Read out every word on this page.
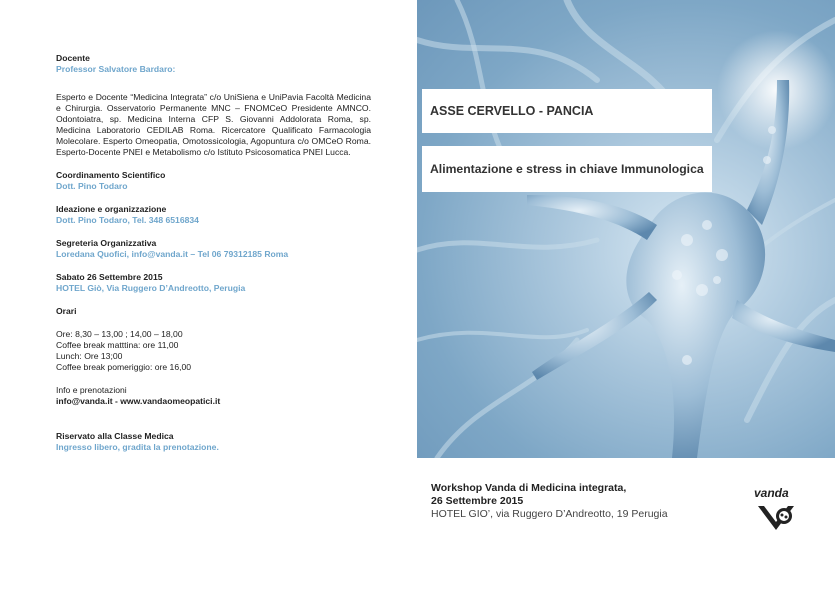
Docente
Professor Salvatore Bardaro:
Esperto e Docente “Medicina Integrata” c/o UniSiena e UniPavia Facoltà Medicina e Chirurgia. Osservatorio Permanente MNC – FNOMCeO Presidente AMNCO. Odontoiatra, sp. Medicina Interna CFP S. Giovanni Addolorata Roma, sp. Medicina Laboratorio CEDILAB Roma. Ricercatore Qualificato Farmacologia Molecolare. Esperto Omeopatia, Omotossicologia, Agopuntura c/o OMCeO Roma. Esperto-Docente PNEI e Metabolismo c/o Istituto Psicosomatica PNEI Lucca.
Coordinamento Scientifico
Dott. Pino Todaro
Ideazione e organizzazione
Dott. Pino Todaro, Tel. 348 6516834
Segreteria Organizzativa
Loredana Quofici, info@vanda.it – Tel 06 79312185 Roma
Sabato 26 Settembre 2015
HOTEL Giò, Via Ruggero D’Andreotto, Perugia
Orari
Ore: 8,30 – 13,00 ; 14,00 – 18,00
Coffee break matttina: ore 11,00
Lunch: Ore 13;00
Coffee break pomeriggio: ore 16,00
Info e prenotazioni
info@vanda.it - www.vandaomeopatici.it
Riservato alla Classe Medica
Ingresso libero, gradita la prenotazione.
ASSE CERVELLO - PANCIA
Alimentazione e stress in chiave Immunologica
Workshop Vanda di Medicina integrata,
26 Settembre 2015
HOTEL GIO’, via Ruggero D’Andreotto, 19 Perugia
vanda
